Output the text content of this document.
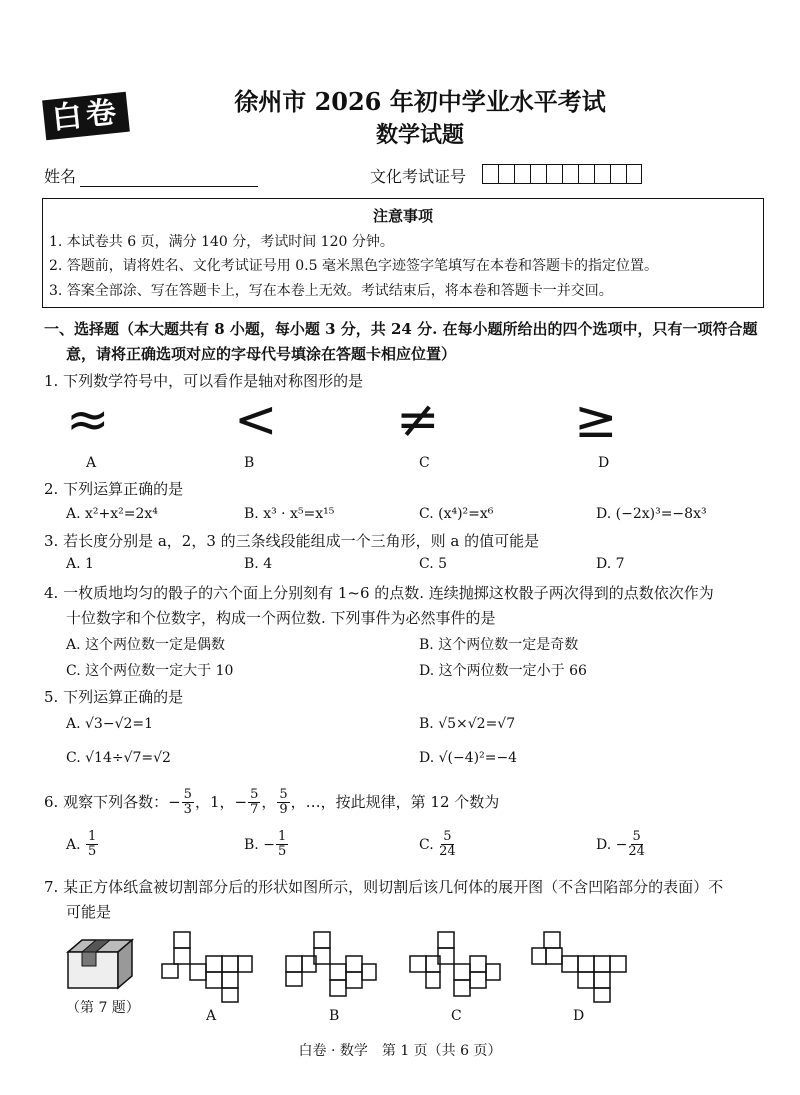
白卷	徐州市 2026 年初中学业水平考试
数学试题
姓名	文化考试证号
注意事项
1. 本试卷共 6 页，满分 140 分，考试时间 120 分钟。
2. 答题前，请将姓名、文化考试证号用 0.5 毫米黑色字迹签字笔填写在本卷和答题卡的指定位置。
3. 答案全部涂、写在答题卡上，写在本卷上无效。考试结束后，将本卷和答题卡一并交回。
一、选择题（本大题共有 8 小题，每小题 3 分，共 24 分. 在每小题所给出的四个选项中，只有一项符合题
意，请将正确选项对应的字母代号填涂在答题卡相应位置）
1. 下列数学符号中，可以看作是轴对称图形的是
≈ < ≠	≥
A	B	C	D
2. 下列运算正确的是
A. x²+x²=2x⁴	B. x³ · x⁵=x¹⁵	C. (x⁴)²=x⁶	D. (−2x)³=−8x³
3. 若长度分别是 a，2，3 的三条线段能组成一个三角形，则 a 的值可能是
A. 1	B. 4	C. 5	D. 7
4. 一枚质地均匀的骰子的六个面上分别刻有 1~6 的点数. 连续抛掷这枚骰子两次得到的点数依次作为
十位数字和个位数字，构成一个两位数. 下列事件为必然事件的是
A. 这个两位数一定是偶数	B. 这个两位数一定是奇数
C. 这个两位数一定大于 10	D. 这个两位数一定小于 66
5. 下列运算正确的是
A. √3−√2=1	B. √5×√2=√7
C. √14÷√7=√2	D. √(−4)²=−4
6. 观察下列各数：− $\frac{5}{3}$ ，1，− $\frac{5}{7}$ ， $\frac{5}{9}$ ，…，按此规律，第 12 个数为
A. $\frac{1}{5}$	B. − $\frac{1}{5}$	C. $\frac{5}{24}$	D. − $\frac{5}{24}$
7. 某正方体纸盒被切割部分后的形状如图所示，则切割后该几何体的展开图（不含凹陷部分的表面）不
可能是
（第 7 题）	A	B	C	D
白卷 · 数学　第 1 页（共 6 页）
